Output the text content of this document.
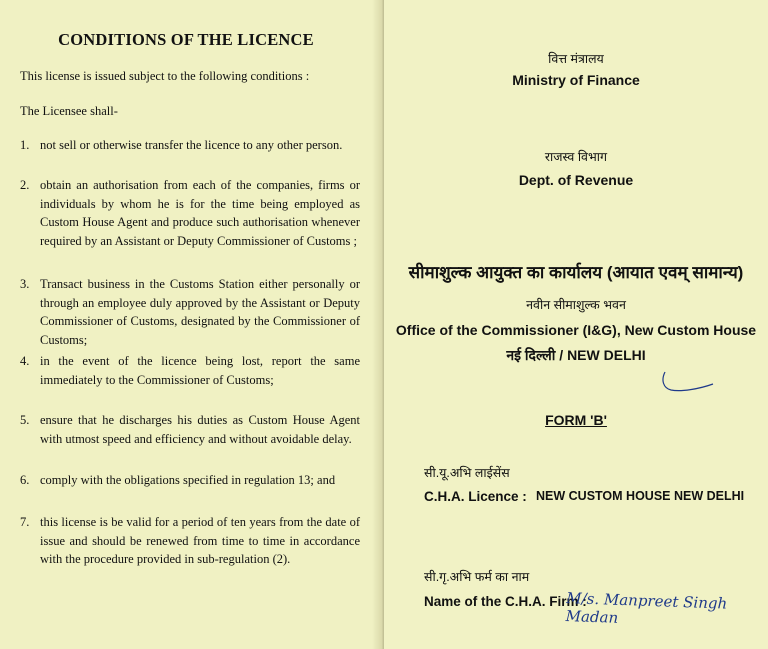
CONDITIONS OF THE LICENCE
This license is issued subject to the following conditions :
The Licensee shall-
1. not sell or otherwise transfer the licence to any other person.
2. obtain an authorisation from each of the companies, firms or individuals by whom he is for the time being employed as Custom House Agent and produce such authorisation whenever required by an Assistant or Deputy Commissioner of Customs ;
3. Transact business in the Customs Station either personally or through an employee duly approved by the Assistant or Deputy Commissioner of Customs, designated by the Commissioner of Customs;
4. in the event of the licence being lost, report the same immediately to the Commissioner of Customs;
5. ensure that he discharges his duties as Custom House Agent with utmost speed and efficiency and without avoidable delay.
6. comply with the obligations specified in regulation 13; and
7. this license is be valid for a period of ten years from the date of issue and should be renewed from time to time in accordance with the procedure provided in sub-regulation (2).
वित्त मंत्रालय
Ministry of Finance
राजस्व विभाग
Dept. of Revenue
सीमाशुल्क आयुक्त का कार्यालय (आयात एवम् सामान्य)
नवीन सीमाशुल्क भवन
Office of the Commissioner (I&G), New Custom House
नई दिल्ली / NEW DELHI
FORM 'B'
सी.यू.अभि लाईसेंस
C.H.A. Licence : NEW CUSTOM HOUSE NEW DELHI
सी.गृ.अभि फर्म का नाम
Name of the C.H.A. Firm :
M/s. Manpreet Singh Madan
